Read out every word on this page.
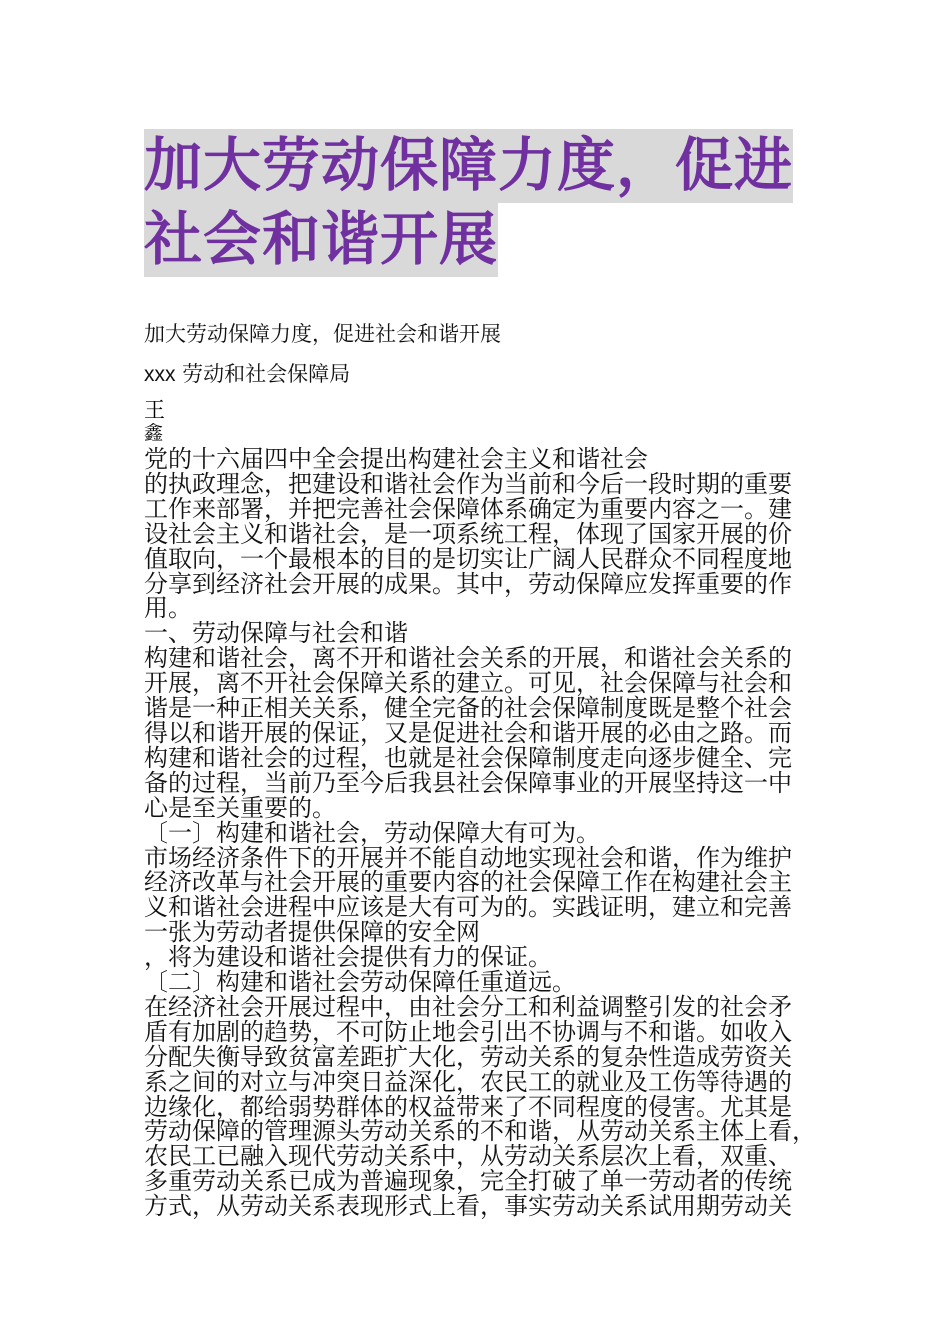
加大劳动保障力度，促进
社会和谐开展

加大劳动保障力度，促进社会和谐开展

xxx 劳动和社会保障局

王
鑫

党的十六届四中全会提出构建社会主义和谐社会
的执政理念，把建设和谐社会作为当前和今后一段时期的重要
工作来部署，并把完善社会保障体系确定为重要内容之一。建
设社会主义和谐社会，是一项系统工程，体现了国家开展的价
值取向，一个最根本的目的是切实让广阔人民群众不同程度地
分享到经济社会开展的成果。其中，劳动保障应发挥重要的作
用。
一、劳动保障与社会和谐
构建和谐社会，离不开和谐社会关系的开展，和谐社会关系的
开展，离不开社会保障关系的建立。可见，社会保障与社会和
谐是一种正相关关系，健全完备的社会保障制度既是整个社会
得以和谐开展的保证，又是促进社会和谐开展的必由之路。而
构建和谐社会的过程，也就是社会保障制度走向逐步健全、完
备的过程，当前乃至今后我县社会保障事业的开展坚持这一中
心是至关重要的。
〔一〕构建和谐社会，劳动保障大有可为。
市场经济条件下的开展并不能自动地实现社会和谐，作为维护
经济改革与社会开展的重要内容的社会保障工作在构建社会主
义和谐社会进程中应该是大有可为的。实践证明，建立和完善
一张为劳动者提供保障的安全网
，将为建设和谐社会提供有力的保证。
〔二〕构建和谐社会劳动保障任重道远。
在经济社会开展过程中，由社会分工和利益调整引发的社会矛
盾有加剧的趋势，不可防止地会引出不协调与不和谐。如收入
分配失衡导致贫富差距扩大化，劳动关系的复杂性造成劳资关
系之间的对立与冲突日益深化，农民工的就业及工伤等待遇的
边缘化，都给弱势群体的权益带来了不同程度的侵害。尤其是
劳动保障的管理源头劳动关系的不和谐，从劳动关系主体上看，
农民工已融入现代劳动关系中，从劳动关系层次上看，双重、
多重劳动关系已成为普遍现象，完全打破了单一劳动者的传统
方式，从劳动关系表现形式上看，事实劳动关系试用期劳动关
